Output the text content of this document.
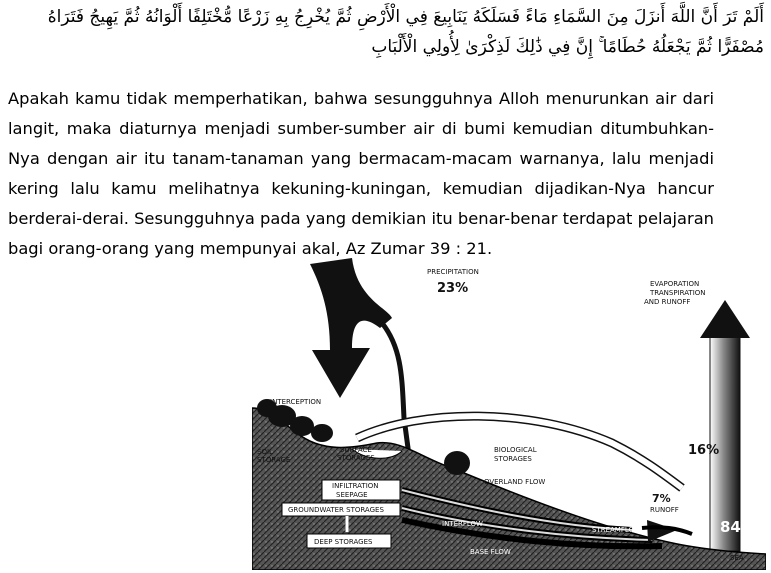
أَلَمْ تَرَ أَنَّ اللَّهَ أَنزَلَ مِنَ السَّمَاءِ مَاءً فَسَلَكَهُ يَنَابِيعَ فِي الْأَرْضِ ثُمَّ يُخْرِجُ بِهِ زَرْعًا مُّخْتَلِفًا أَلْوَانُهُ ثُمَّ يَهِيجُ فَتَرَاهُ مُصْفَرًّا ثُمَّ يَجْعَلُهُ حُطَامًا ۚ إِنَّ فِي ذَٰلِكَ لَذِكْرَىٰ لِأُولِي الْأَلْبَابِ

Apakah kamu tidak memperhatikan, bahwa sesungguhnya Alloh menurunkan air dari langit, maka diaturnya menjadi sumber-sumber air di bumi kemudian ditumbuhkan-Nya dengan air itu tanam-tanaman yang bermacam-macam warnanya, lalu menjadi kering lalu kamu melihatnya kekuning-kuningan, kemudian dijadikan-Nya hancur berderai-derai. Sesungguhnya pada yang demikian itu benar-benar terdapat pelajaran bagi orang-orang yang mempunyai akal, Az Zumar 39 : 21.

PRECIPITATION
23%	EVAPORATION
TRANSPIRATION
AND RUNOFF
16%
84%
INTERCEPTION
SOIL
STORAGE
SURFACE
STORAGES
BIOLOGICAL
STORAGES
INFILTRATION
SEEPAGE
OVERLAND FLOW
GROUNDWATER STORAGES
INTERFLOW
DEEP STORAGES
STREAMFLOW
7%
RUNOFF
BASE FLOW
SEA
